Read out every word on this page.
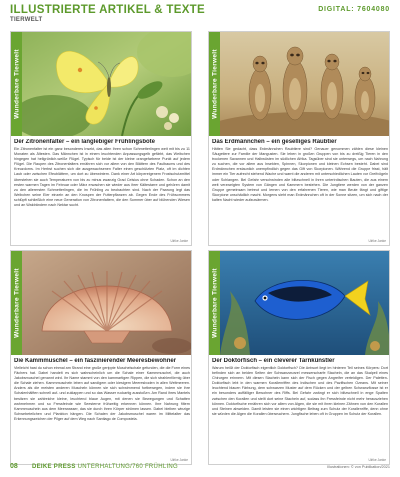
ILLUSTRIERTE ARTIKEL & TEXTE
TIERWELT
DIGITAL: 7604080
Wunderbare Tierwelt
Der Zitronenfalter – ein langlebiger Frühlingsbote
Ein Zitronenfalter ist ein ganz besonderes Insekt, das allen Ihren schon Schmetterlingen weit mit bis zu 11 Monaten als Ältesten. Das Männchen ist in einem leuchtenden Anpassungsgelb gefärbt, das Weibchen hingegen hat hellgrünlich-weiße Flügel. Typisch für beide ist der kleine orangefarbene Punkt auf jedem Flügel. Die Raupen des Zitronenfalters ernähren sich vor allem von den Blättern des Faulbaums und des Kreuzdorns. Im Herbst suchen sich die ausgewachsenen Falter einen geschützten Platz, oft im dichten Laub oder zwischen Efeublättern, um dort zu überwintern. Dank einer Art körpereigenem Frostschutzmittel überstehen sie auch Temperaturen von bis zu minus zwanzig Grad Celsius ohne Schaden. Schon an den ersten warmen Tagen im Februar oder März erwachen sie wieder aus ihrer Kältestarre und gehören damit zu den allerersten Schmetterlingen, die im Frühling zu beobachten sind. Nach der Paarung legt das Weibchen seine Eier einzeln an den Knospen der Futterpflanzen ab. Gegen Ende des Frühsommers schlüpft schließlich eine neue Generation von Zitronenfaltern, die den Sommer über auf blühenden Wiesen und an Waldrändern nach Nektar sucht.
Ulrike Janke
Wunderbare Tierwelt
Das Erdmännchen – ein geselliges Raubtier
Hätten Sie gedacht, dass Erdmännchen Raubtiere sind? Genauer genommen zählen diese kleinen Säugetiere zur Familie der Mangusten. Sie leben in großen Gruppen von bis zu dreißig Tieren in den trockenen Savannen und Halbwüsten im südlichen Afrika. Tagsüber sind sie unterwegs, um nach Nahrung zu suchen, die vor allem aus Insekten, Spinnen, Skorpionen und kleinen Echsen besteht. Dabei sind Erdmännchen erstaunlich unempfindlich gegen das Gift von Skorpionen. Während die Gruppe frisst, hält immer ein Tier aufrecht stehend Wache und warnt die anderen mit unterschiedlichen Lauten vor Greifvögeln oder Schlangen. Bei Gefahr verschwinden alle blitzschnell in ihren unterirdischen Bauten, die aus einem weit verzweigten System von Gängen und Kammern bestehen. Die Jungtiere werden von der ganzen Gruppe gemeinsam betreut und lernen von den erfahrenen Tieren, wie man Beute fängt und giftige Skorpione unschädlich macht. Morgens sieht man Erdmännchen oft in der Sonne sitzen, um sich nach der kalten Nacht wieder aufzuwärmen.
Ulrike Janke
Wunderbare Tierwelt
Die Kammmuschel – ein faszinierender Meeresbewohner
Vielleicht hast du schon einmal am Strand eine große gerippte Muschelschale gefunden, die die Form eines Fächers hat. Dabei handelt es sich wahrscheinlich um die Schale einer Kammmuschel, die auch Jakobsmuschel genannt wird. Ihr Name stammt von den kammartigen Rippen, die sich strahlenförmig über die Schale ziehen. Kammmuscheln leben auf sandigem oder kiesigem Meeresboden in allen Weltmeeren. Anders als die meisten anderen Muscheln können sie sich schwimmend fortbewegen, indem sie ihre Schalenhälften schnell auf- und zuklappen und so das Wasser ruckartig ausstoßen. Am Rand ihres Mantels besitzen sie zahlreiche kleine, leuchtend blaue Augen, mit denen sie Bewegungen und Schatten wahrnehmen und so Fressfeinde wie Seesterne frühzeitig erkennen können. Ihre Nahrung filtern Kammmuscheln aus dem Meerwasser, das sie durch ihren Körper strömen lassen. Dabei bleiben winzige Schwebeteilchen und Plankton hängen. Die Schalen der Jakobsmuschel waren im Mittelalter das Erkennungszeichen der Pilger auf dem Weg nach Santiago de Compostela.
Ulrike Janke
Wunderbare Tierwelt
Der Doktorfisch – ein cleverer Tarnkünstler
Warum heißt der Doktorfisch eigentlich Doktorfisch? Die Antwort liegt im hinteren Teil seines Körpers: Dort befinden sich an beiden Seiten der Schwanzwurzel messerscharfe Stacheln, die an das Skalpell eines Chirurgen erinnern. Mit diesen Stacheln kann sich der Fisch gegen Angreifer verteidigen. Der Paletten-Doktorfisch lebt in den warmen Korallenriffen des Indischen und des Pazifischen Ozeans. Mit seiner leuchtend blauen Färbung, dem schwarzen Muster auf dem Rücken und der gelben Schwanzflosse ist er ein besonders auffälliger Bewohner des Riffs. Bei Gefahr zwängt er sich blitzschnell in enge Spalten zwischen den Korallen und stellt dort seine Stacheln auf, sodass ihn Fressfeinde nicht mehr herausziehen können. Doktorfische ernähren sich vor allem von Algen, die sie mit ihren kleinen Zähnen von den Korallen und Steinen abweiden. Damit leisten sie einen wichtigen Beitrag zum Schutz der Korallenriffe, denn ohne sie würden die Algen die Korallen überwuchern. Jungfische leben oft in Gruppen im Schutz der Korallen.
Ulrike Janke
08 DEIKE PRESS UNTERHALTUNG/760 FRÜHLING	Illustrationen: © von Publikation/2021
